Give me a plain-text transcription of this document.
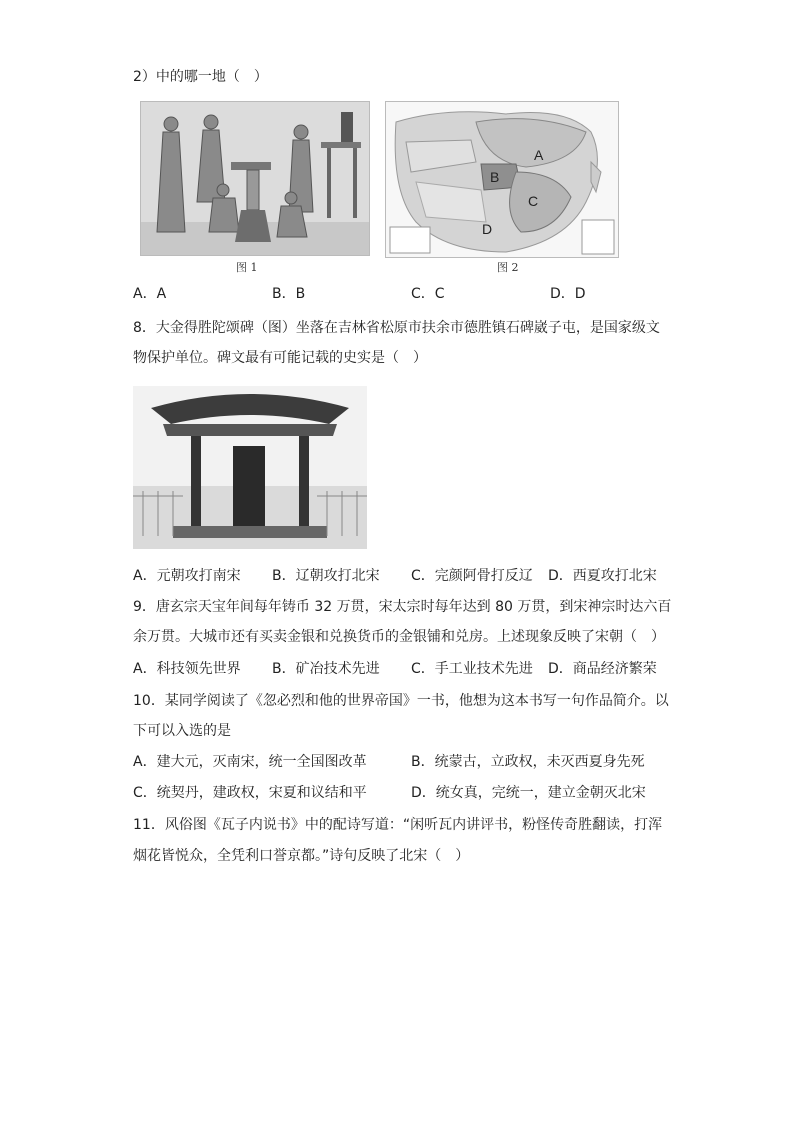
2）中的哪一地（　）
图 1
A
B
C
D
图 2
A．A	B．B	C．C	D．D
8．大金得胜陀颂碑（图）坐落在吉林省松原市扶余市德胜镇石碑崴子屯，是国家级文
物保护单位。碑文最有可能记载的史实是（　）
A．元朝攻打南宋 B．辽朝攻打北宋 C．完颜阿骨打反辽 D．西夏攻打北宋
9．唐玄宗天宝年间每年铸币 32 万贯，宋太宗时每年达到 80 万贯，到宋神宗时达六百
余万贯。大城市还有买卖金银和兑换货币的金银铺和兑房。上述现象反映了宋朝（　）
A．科技领先世界 B．矿冶技术先进 C．手工业技术先进 D．商品经济繁荣
10．某同学阅读了《忽必烈和他的世界帝国》一书，他想为这本书写一句作品简介。以
下可以入选的是
A．建大元，灭南宋，统一全国图改革	B．统蒙古，立政权，未灭西夏身先死
C．统契丹，建政权，宋夏和议结和平	D．统女真，完统一，建立金朝灭北宋
11．风俗图《瓦子内说书》中的配诗写道：“闲听瓦内讲评书，粉怪传奇胜翻读，打浑
烟花皆悦众，全凭利口誉京都。”诗句反映了北宋（　）
